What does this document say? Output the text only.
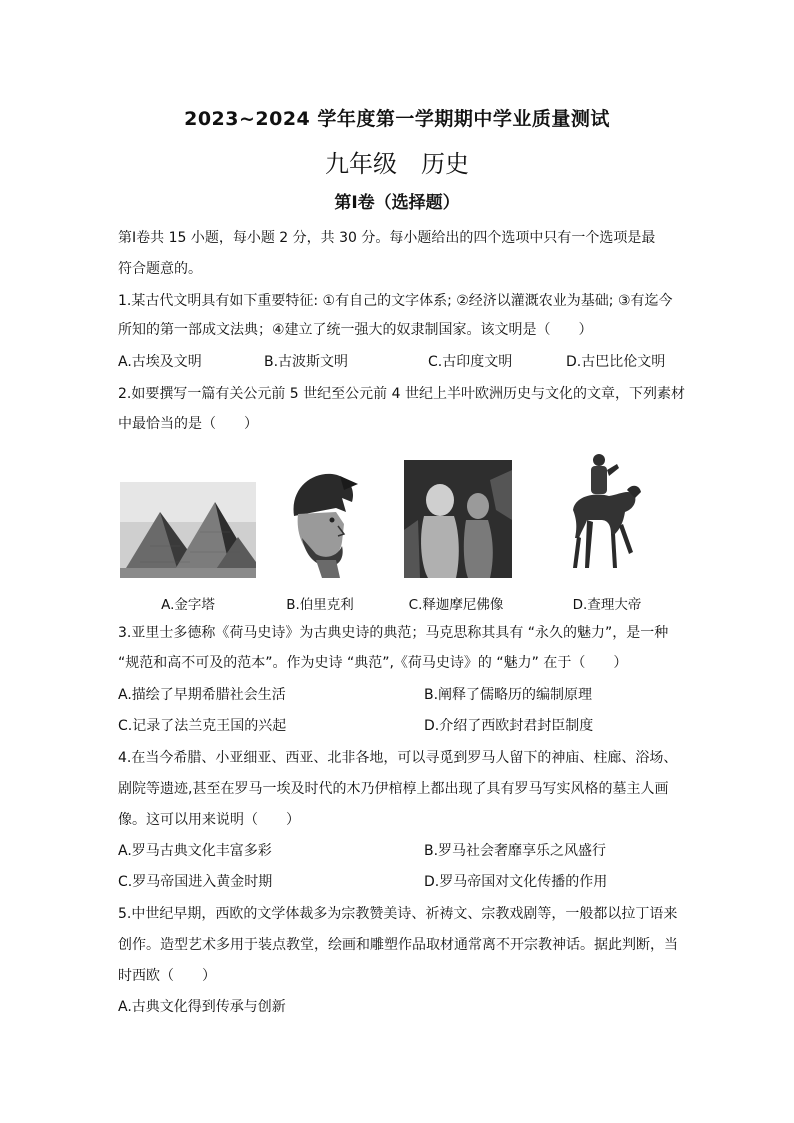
2023~2024 学年度第一学期期中学业质量测试
九年级　历史
第Ⅰ卷（选择题）
第Ⅰ卷共 15 小题，每小题 2 分，共 30 分。每小题给出的四个选项中只有一个选项是最
符合题意的。
1.某古代文明具有如下重要特征: ①有自己的文字体系; ②经济以灌溉农业为基础; ③有迄今
所知的第一部成文法典；④建立了统一强大的奴隶制国家。该文明是（　　）
A.古埃及文明	B.古波斯文明	C.古印度文明	D.古巴比伦文明
2.如要撰写一篇有关公元前 5 世纪至公元前 4 世纪上半叶欧洲历史与文化的文章，下列素材
中最恰当的是（　　）
A.金字塔	B.伯里克利	C.释迦摩尼佛像	D.查理大帝
3.亚里士多德称《荷马史诗》为古典史诗的典范；马克思称其具有 “永久的魅力”，是一种
“规范和高不可及的范本”。作为史诗 “典范”,《荷马史诗》的 “魅力” 在于（　　）
A.描绘了早期希腊社会生活	B.阐释了儒略历的编制原理
C.记录了法兰克王国的兴起	D.介绍了西欧封君封臣制度
4.在当今希腊、小亚细亚、西亚、北非各地，可以寻觅到罗马人留下的神庙、柱廊、浴场、
剧院等遗迹,甚至在罗马一埃及时代的木乃伊棺椁上都出现了具有罗马写实风格的墓主人画
像。这可以用来说明（　　）
A.罗马古典文化丰富多彩	B.罗马社会奢靡享乐之风盛行
C.罗马帝国进入黄金时期	D.罗马帝国对文化传播的作用
5.中世纪早期，西欧的文学体裁多为宗教赞美诗、祈祷文、宗教戏剧等，一般都以拉丁语来
创作。造型艺术多用于装点教堂，绘画和雕塑作品取材通常离不开宗教神话。据此判断，当
时西欧（　　）
A.古典文化得到传承与创新
